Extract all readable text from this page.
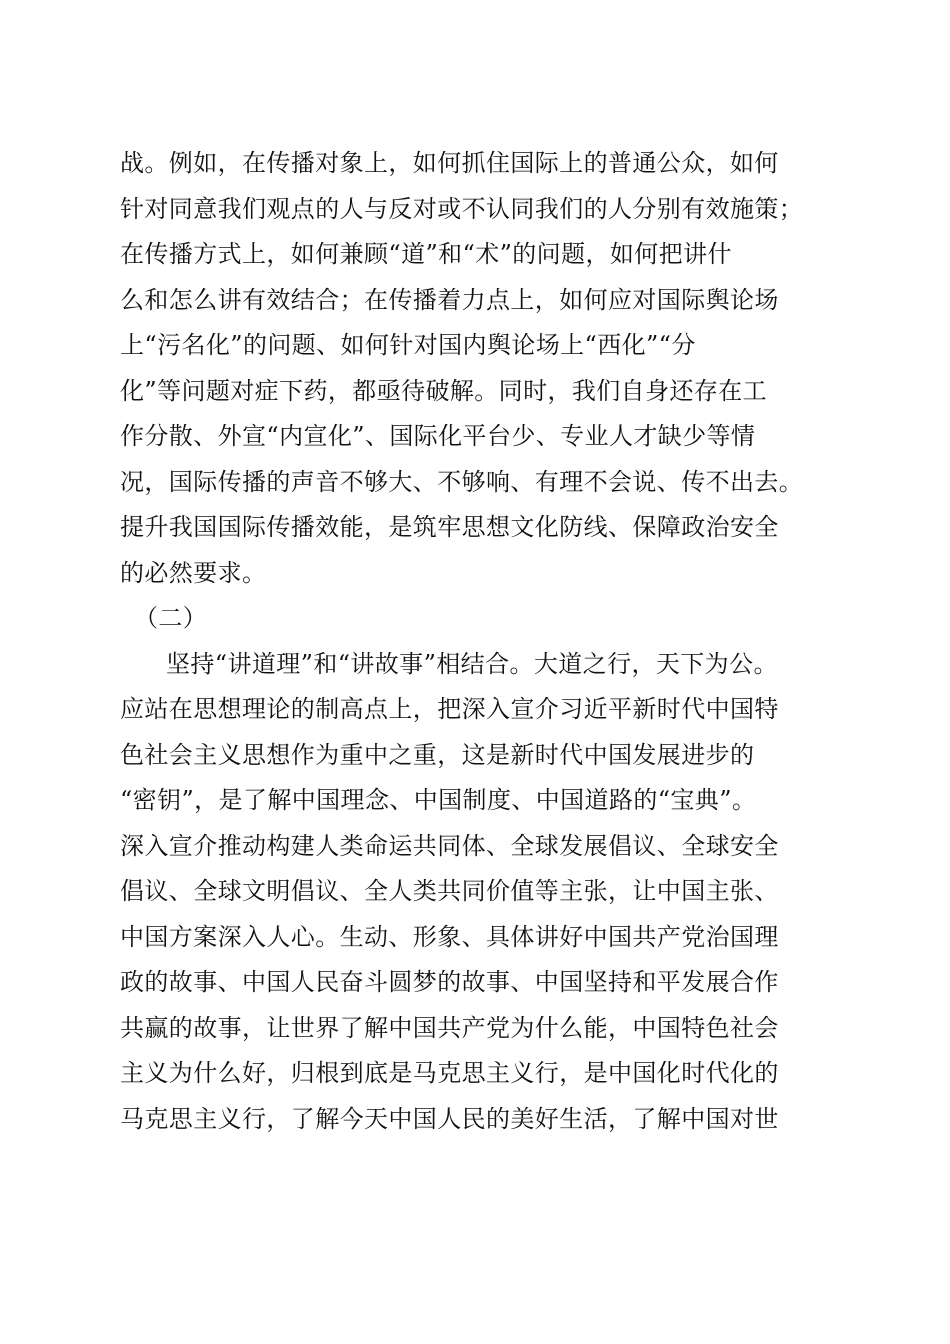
战。例如，在传播对象上，如何抓住国际上的普通公众，如何
针对同意我们观点的人与反对或不认同我们的人分别有效施策；
在传播方式上，如何兼顾“道”和“术”的问题，如何把讲什
么和怎么讲有效结合；在传播着力点上，如何应对国际舆论场
上“污名化”的问题、如何针对国内舆论场上“西化”“分
化”等问题对症下药，都亟待破解。同时，我们自身还存在工
作分散、外宣“内宣化”、国际化平台少、专业人才缺少等情
况，国际传播的声音不够大、不够响、有理不会说、传不出去。
提升我国国际传播效能，是筑牢思想文化防线、保障政治安全
的必然要求。
（二）
坚持“讲道理”和“讲故事”相结合。大道之行，天下为公。
应站在思想理论的制高点上，把深入宣介习近平新时代中国特
色社会主义思想作为重中之重，这是新时代中国发展进步的
“密钥”，是了解中国理念、中国制度、中国道路的“宝典”。
深入宣介推动构建人类命运共同体、全球发展倡议、全球安全
倡议、全球文明倡议、全人类共同价值等主张，让中国主张、
中国方案深入人心。生动、形象、具体讲好中国共产党治国理
政的故事、中国人民奋斗圆梦的故事、中国坚持和平发展合作
共赢的故事，让世界了解中国共产党为什么能，中国特色社会
主义为什么好，归根到底是马克思主义行，是中国化时代化的
马克思主义行，了解今天中国人民的美好生活，了解中国对世
